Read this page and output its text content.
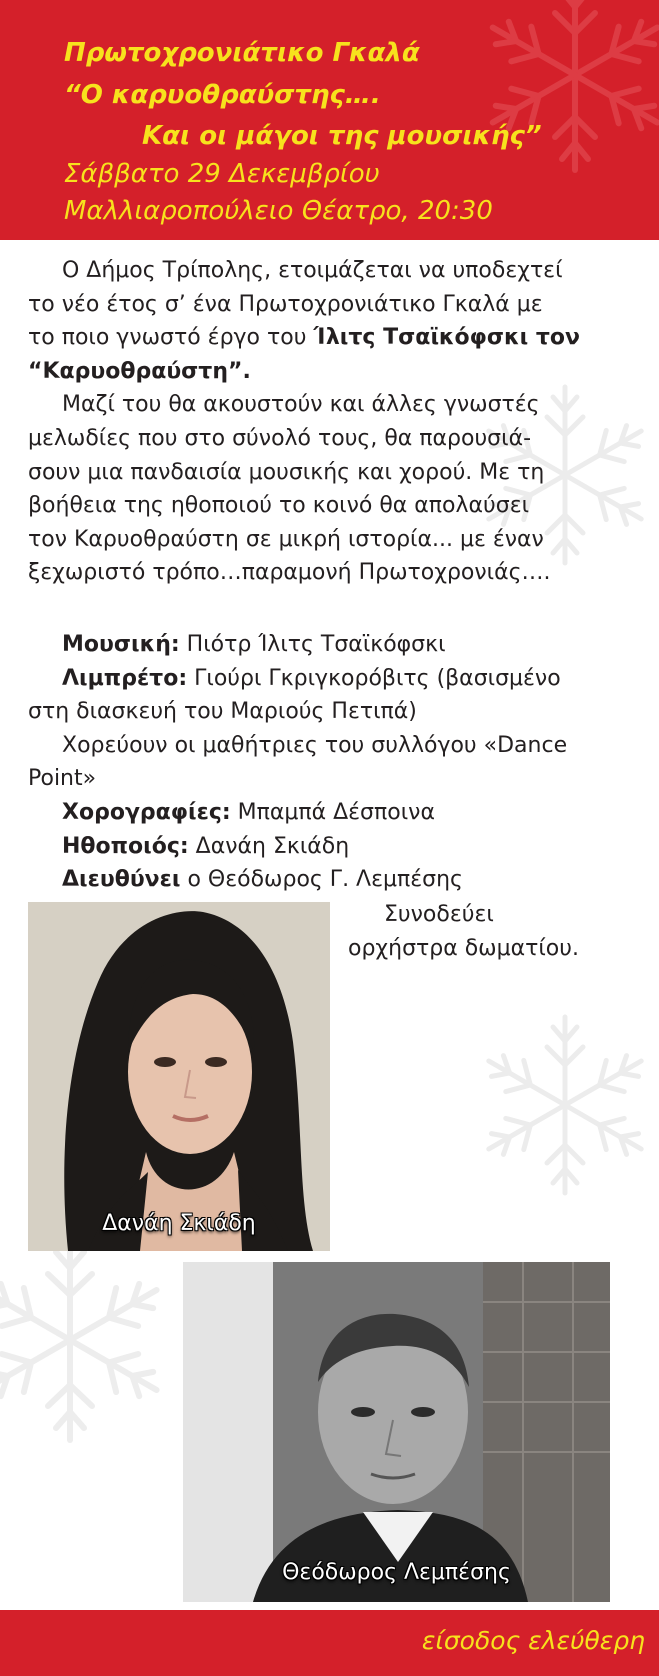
Πρωτοχρονιάτικο Γκαλά
“Ο καρυοθραύστης….
Και οι μάγοι της μουσικής”
Σάββατο 29 Δεκεμβρίου
Μαλλιαροπούλειο Θέατρο, 20:30
Ο Δήμος Τρίπολης, ετοιμάζεται να υποδεχτεί
το νέο έτος σ’ ένα Πρωτοχρονιάτικο Γκαλά με
το ποιο γνωστό έργο του Ίλιτς Τσαϊκόφσκι τον
“Καρυοθραύστη”.
Μαζί του θα ακουστούν και άλλες γνωστές
μελωδίες που στο σύνολό τους, θα παρουσιά-
σουν μια πανδαισία μουσικής και χορού. Με τη
βοήθεια της ηθοποιού το κοινό θα απολαύσει
τον Καρυοθραύστη σε μικρή ιστορία... με έναν
ξεχωριστό τρόπο…παραμονή Πρωτοχρονιάς….
Μουσική: Πιότρ Ίλιτς Τσαϊκόφσκι
Λιμπρέτο: Γιούρι Γκριγκορόβιτς (βασισμένο
στη διασκευή του Μαριούς Πετιπά)
Χορεύουν οι μαθήτριες του συλλόγου «Dance
Point»
Χορογραφίες: Μπαμπά Δέσποινα
Ηθοποιός: Δανάη Σκιάδη
Διευθύνει ο Θεόδωρος Γ. Λεμπέσης
Συνοδεύει
ορχήστρα δωματίου.
Δανάη Σκιάδη
Θεόδωρος Λεμπέσης
είσοδος ελεύθερη
